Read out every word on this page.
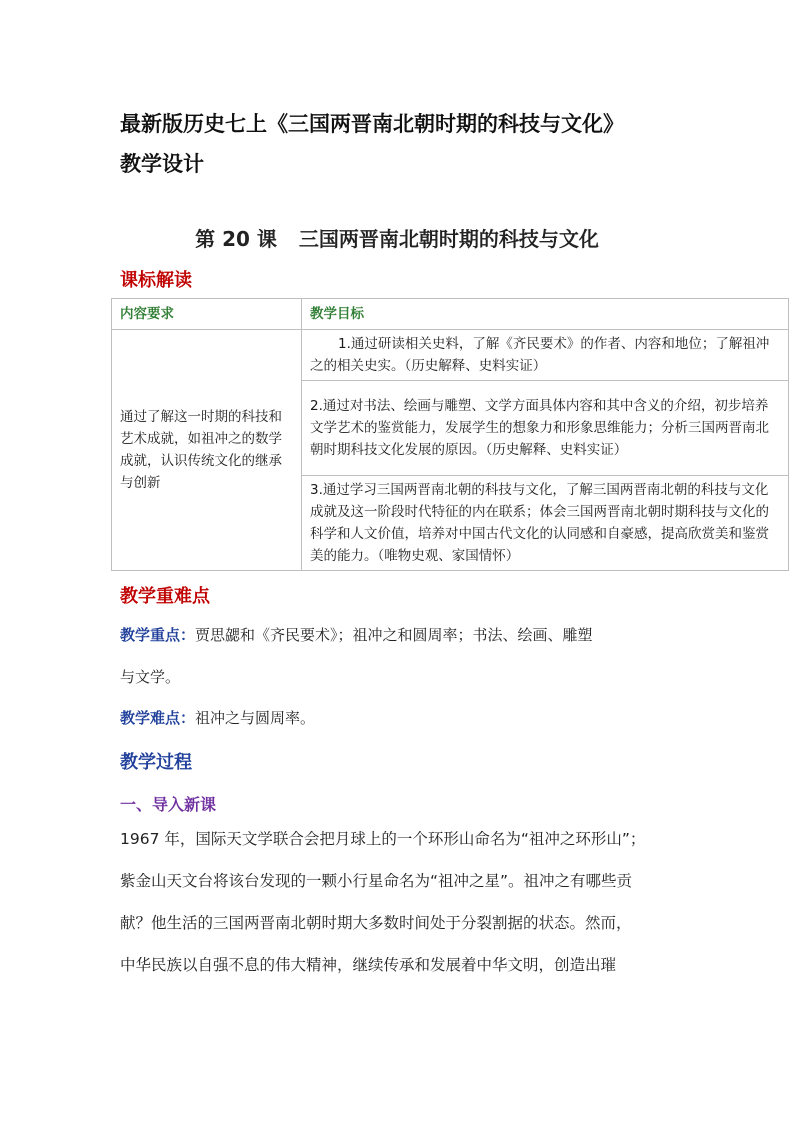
最新版历史七上《三国两晋南北朝时期的科技与文化》
教学设计
第 20 课 三国两晋南北朝时期的科技与文化
课标解读
内容要求	教学目标
通过了解这一时期的科技和艺术成就，如祖冲之的数学成就，认识传统文化的继承与创新	1.通过研读相关史料，了解《齐民要术》的作者、内容和地位；了解祖冲之的相关史实。（历史解释、史料实证）
	2.通过对书法、绘画与雕塑、文学方面具体内容和其中含义的介绍，初步培养文学艺术的鉴赏能力，发展学生的想象力和形象思维能力；分析三国两晋南北朝时期科技文化发展的原因。（历史解释、史料实证）
	3.通过学习三国两晋南北朝的科技与文化，了解三国两晋南北朝的科技与文化成就及这一阶段时代特征的内在联系；体会三国两晋南北朝时期科技与文化的科学和人文价值，培养对中国古代文化的认同感和自豪感，提高欣赏美和鉴赏美的能力。（唯物史观、家国情怀）
教学重难点
教学重点：贾思勰和《齐民要术》；祖冲之和圆周率；书法、绘画、雕塑
与文学。
教学难点：祖冲之与圆周率。
教学过程
一、导入新课
1967 年，国际天文学联合会把月球上的一个环形山命名为“祖冲之环形山”；
紫金山天文台将该台发现的一颗小行星命名为“祖冲之星”。祖冲之有哪些贡
献？他生活的三国两晋南北朝时期大多数时间处于分裂割据的状态。然而，
中华民族以自强不息的伟大精神，继续传承和发展着中华文明，创造出璀
